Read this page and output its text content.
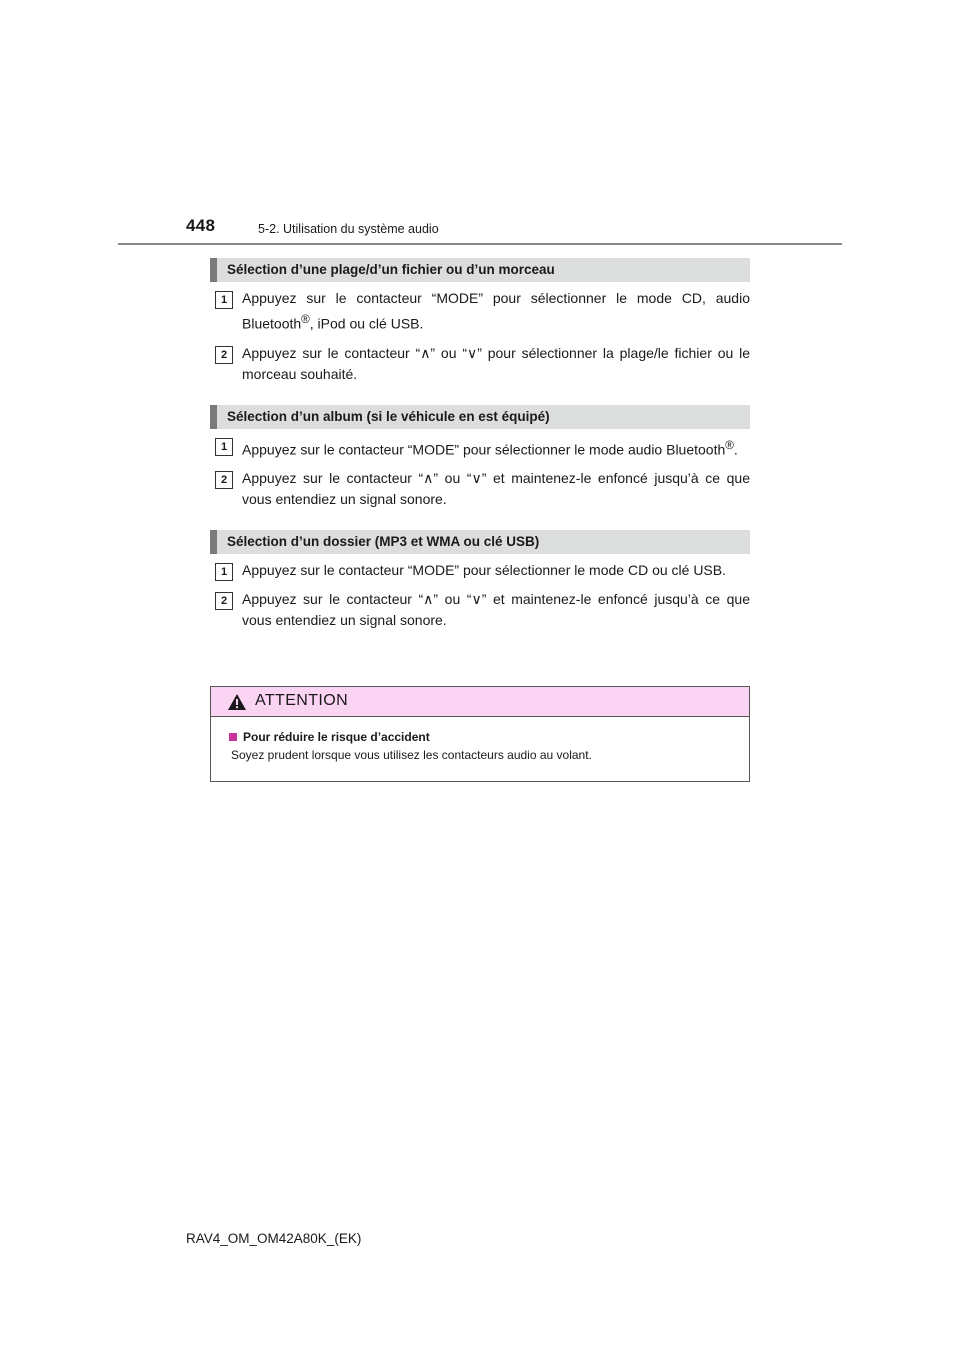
448	5-2. Utilisation du système audio
Sélection d’une plage/d’un fichier ou d’un morceau
1	Appuyez sur le contacteur “MODE” pour sélectionner le mode CD, audio Bluetooth®, iPod ou clé USB.
2	Appuyez sur le contacteur “∧” ou “∨” pour sélectionner la plage/le fichier ou le morceau souhaité.
Sélection d’un album (si le véhicule en est équipé)
1	Appuyez sur le contacteur “MODE” pour sélectionner le mode audio Bluetooth®.
2	Appuyez sur le contacteur “∧” ou “∨” et maintenez-le enfoncé jusqu’à ce que vous entendiez un signal sonore.
Sélection d’un dossier (MP3 et WMA ou clé USB)
1	Appuyez sur le contacteur “MODE” pour sélectionner le mode CD ou clé USB.
2	Appuyez sur le contacteur “∧” ou “∨” et maintenez-le enfoncé jusqu’à ce que vous entendiez un signal sonore.
ATTENTION
Pour réduire le risque d’accident
Soyez prudent lorsque vous utilisez les contacteurs audio au volant.
RAV4_OM_OM42A80K_(EK)
